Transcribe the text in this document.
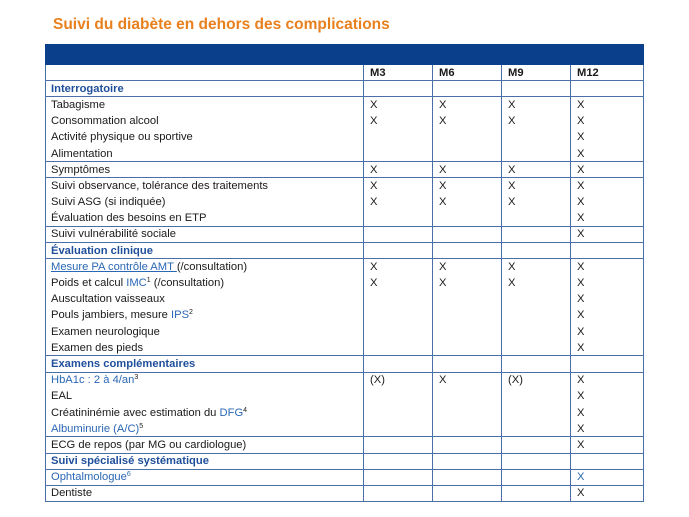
Suivi du diabète en dehors des complications

	M3	M6	M9	M12
Interrogatoire				
Tabagisme	X	X	X	X
Consommation alcool	X	X	X	X
Activité physique ou sportive				X
Alimentation				X
Symptômes	X	X	X	X
Suivi observance, tolérance des traitements	X	X	X	X
Suivi ASG (si indiquée)	X	X	X	X
Évaluation des besoins en ETP				X
Suivi vulnérabilité sociale				X
Évaluation clinique				
Mesure PA contrôle AMT (/consultation)	X	X	X	X
Poids et calcul IMC$^1$ (/consultation)	X	X	X	X
Auscultation vaisseaux				X
Pouls jambiers, mesure IPS$^2$				X
Examen neurologique				X
Examen des pieds				X
Examens complémentaires				
HbA1c : 2 à $4/an^3$	(X)	X	(X)	X
EAL				X
Créatininémie avec estimation du DFG$^4$				X
Albuminurie $(A/C)^5$				X
ECG de repos (par MG ou cardiologue)				X
Suivi spécialisé systématique				
Ophtalmologue$^6$				X
Dentiste				X
